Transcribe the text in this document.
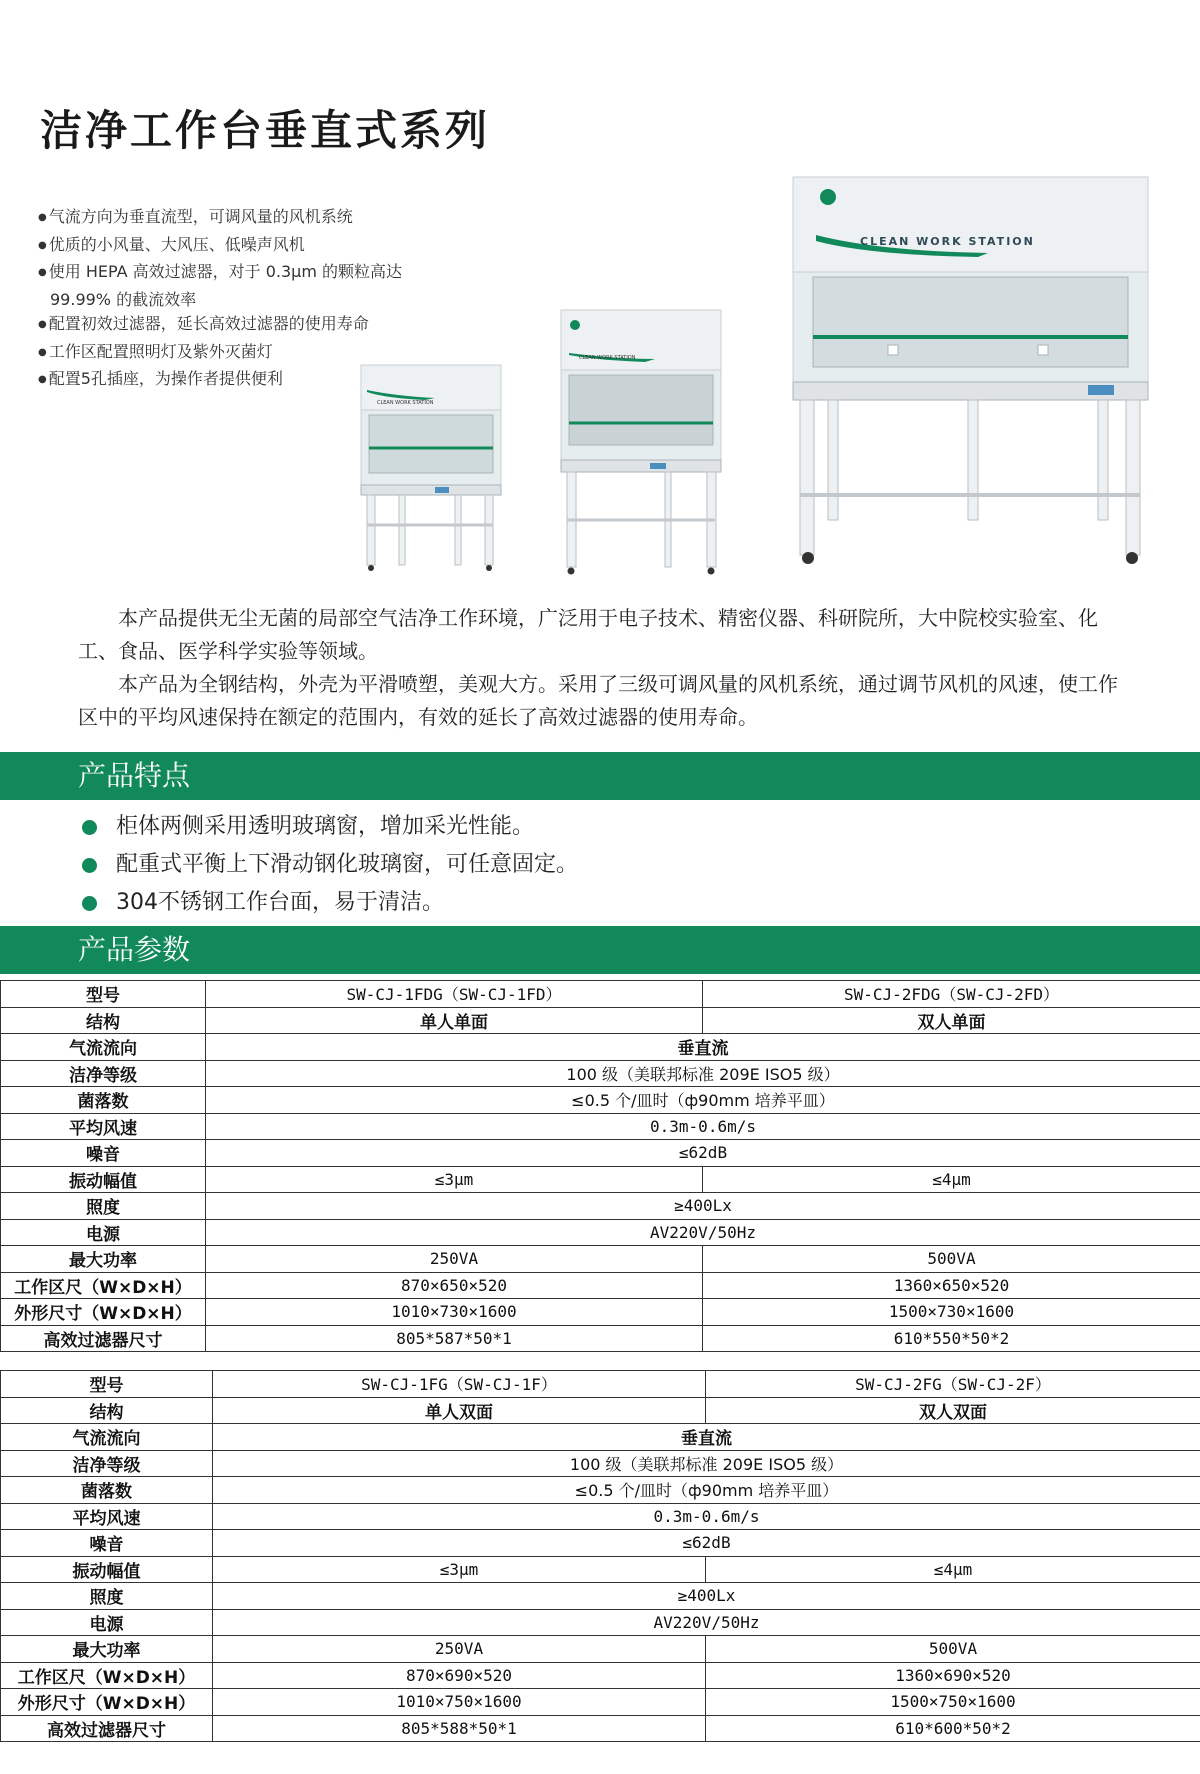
洁净工作台垂直式系列
● 气流方向为垂直流型，可调风量的风机系统
● 优质的小风量、大风压、低噪声风机
● 使用 HEPA 高效过滤器，对于 0.3μm 的颗粒高达 99.99% 的截流效率
● 配置初效过滤器，延长高效过滤器的使用寿命
● 工作区配置照明灯及紫外灭菌灯
● 配置5孔插座，为操作者提供便利
CLEAN WORK STATION
CLEAN WORK STATION
CLEAN WORK STATION

本产品提供无尘无菌的局部空气洁净工作环境，广泛用于电子技术、精密仪器、科研院所，大中院校实验室、化工、食品、医学科学实验等领域。

本产品为全钢结构，外壳为平滑喷塑，美观大方。采用了三级可调风量的风机系统，通过调节风机的风速，使工作区中的平均风速保持在额定的范围内，有效的延长了高效过滤器的使用寿命。

产品特点
柜体两侧采用透明玻璃窗，增加采光性能。
配重式平衡上下滑动钢化玻璃窗，可任意固定。
304不锈钢工作台面，易于清洁。
产品参数
型号	SW-CJ-1FDG（SW-CJ-1FD）	SW-CJ-2FDG（SW-CJ-2FD）
结构	单人单面	双人单面
气流流向	垂直流	
洁净等级	100 级（美联邦标准 209E ISO5 级）	
菌落数	≤0.5 个/皿时（ф90mm 培养平皿）	
平均风速	0.3m-0.6m/s	
噪音	≤62dB	
振动幅值	≤3μm	≤4μm
照度	≥400Lx	
电源	AV220V/50Hz	
最大功率	250VA	500VA
工作区尺（W×D×H）	870×650×520	1360×650×520
外形尺寸（W×D×H）	1010×730×1600	1500×730×1600
高效过滤器尺寸	805*587*50*1	610*550*50*2
型号	SW-CJ-1FG（SW-CJ-1F）	SW-CJ-2FG（SW-CJ-2F）
结构	单人双面	双人双面
气流流向	垂直流	
洁净等级	100 级（美联邦标准 209E ISO5 级）	
菌落数	≤0.5 个/皿时（ф90mm 培养平皿）	
平均风速	0.3m-0.6m/s	
噪音	≤62dB	
振动幅值	≤3μm	≤4μm
照度	≥400Lx	
电源	AV220V/50Hz	
最大功率	250VA	500VA
工作区尺（W×D×H）	870×690×520	1360×690×520
外形尺寸（W×D×H）	1010×750×1600	1500×750×1600
高效过滤器尺寸	805*588*50*1	610*600*50*2
